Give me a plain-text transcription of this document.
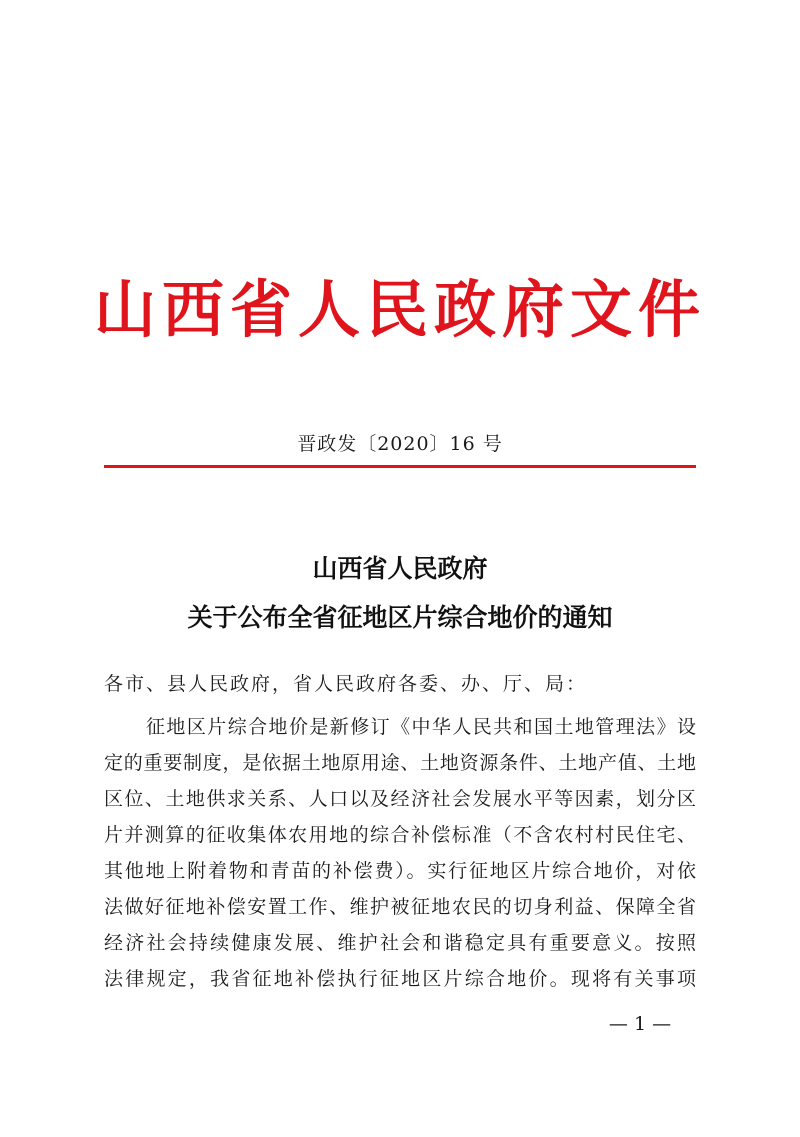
山西省人民政府文件
晋政发〔2020〕16 号
山西省人民政府
关于公布全省征地区片综合地价的通知
各市、县人民政府，省人民政府各委、办、厅、局：
征地区片综合地价是新修订《中华人民共和国土地管理法》设
定的重要制度，是依据土地原用途、土地资源条件、土地产值、土地
区位、土地供求关系、人口以及经济社会发展水平等因素，划分区
片并测算的征收集体农用地的综合补偿标准（不含农村村民住宅、
其他地上附着物和青苗的补偿费）。实行征地区片综合地价，对依
法做好征地补偿安置工作、维护被征地农民的切身利益、保障全省
经济社会持续健康发展、维护社会和谐稳定具有重要意义。按照
法律规定，我省征地补偿执行征地区片综合地价。现将有关事项
— 1 —
